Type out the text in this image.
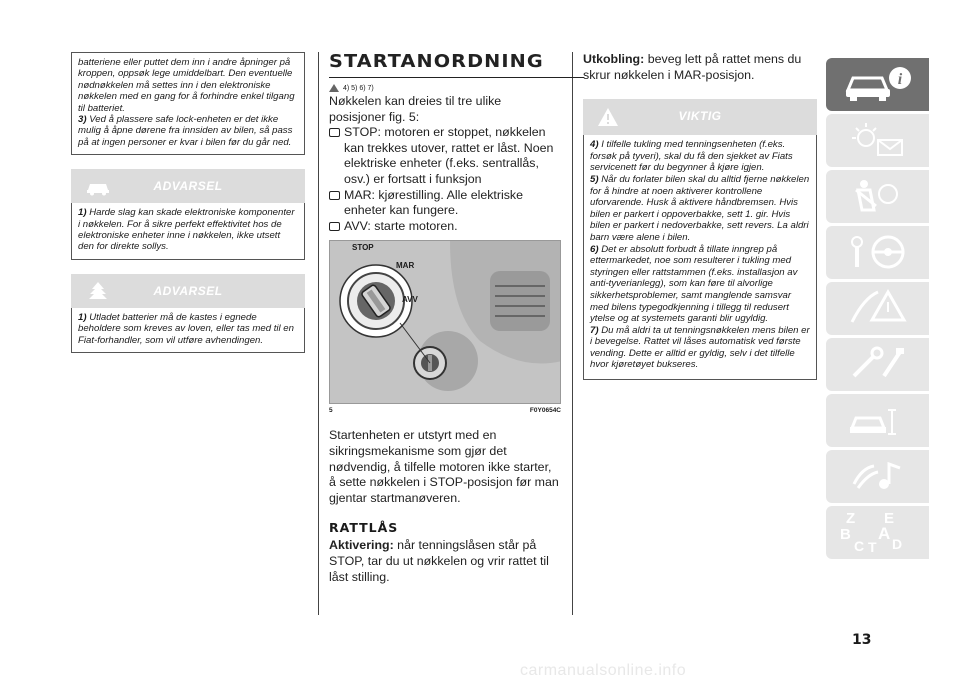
batteriene eller puttet dem inn i andre åpninger på kroppen, oppsøk lege umiddelbart. Den eventuelle nødnøkkelen må settes inn i den elektroniske nøkkelen med en gang for å forhindre enkel tilgang til batteriet.

3) Ved å plassere safe lock-enheten er det ikke mulig å åpne dørene fra innsiden av bilen, så pass på at ingen personer er kvar i bilen før du går ned.

ADVARSEL

1) Harde slag kan skade elektroniske komponenter i nøkkelen. For å sikre perfekt effektivitet hos de elektroniske enheter inne i nøkkelen, ikke utsett den for direkte sollys.

ADVARSEL

1) Utladet batterier må de kastes i egnede beholdere som kreves av loven, eller tas med til en Fiat-forhandler, som vil utføre avhendingen.

STARTANORDNING
4) 5) 6) 7)

Nøkkelen kan dreies til tre ulike posisjoner fig. 5:

STOP: motoren er stoppet, nøkkelen kan trekkes utover, rattet er låst. Noen elektriske enheter (f.eks. sentrallås, osv.) er fortsatt i funksjon
MAR: kjørestilling. Alle elektriske enheter kan fungere.
AVV: starte motoren.
STOP
MAR
AVV
5	F0Y0654C

Startenheten er utstyrt med en sikringsmekanisme som gjør det nødvendig, å tilfelle motoren ikke starter, å sette nøkkelen i STOP-posisjon før man gjentar startmanøveren.

RATTLÅS

Aktivering: når tenningslåsen står på STOP, tar du ut nøkkelen og vrir rattet til låst stilling.

Utkobling: beveg lett på rattet mens du skrur nøkkelen i MAR-posisjon.

VIKTIG

4) I tilfelle tukling med tenningsenheten (f.eks. forsøk på tyveri), skal du få den sjekket av Fiats servicenett før du begynner å kjøre igjen.

5) Når du forlater bilen skal du alltid fjerne nøkkelen for å hindre at noen aktiverer kontrollene uforvarende. Husk å aktivere håndbremsen. Hvis bilen er parkert i oppoverbakke, sett 1. gir. Hvis bilen er parkert i nedoverbakke, sett revers. La aldri barn være alene i bilen.

6) Det er absolutt forbudt å tillate inngrep på ettermarkedet, noe som resulterer i tukling med styringen eller rattstammen (f.eks. installasjon av anti-tyverianlegg), som kan føre til alvorlige sikkerhetsproblemer, samt manglende samsvar med bilens typegodkjenning i tillegg til redusert ytelse og at systemets garanti blir ugyldig.

7) Du må aldri ta ut tenningsnøkkelen mens bilen er i bevegelse. Rattet vil låses automatisk ved første vending. Dette er alltid er gyldig, selv i det tilfelle hvor kjøretøyet bukseres.

i
Z E
B A
C T D
13
carmanualsonline.info
